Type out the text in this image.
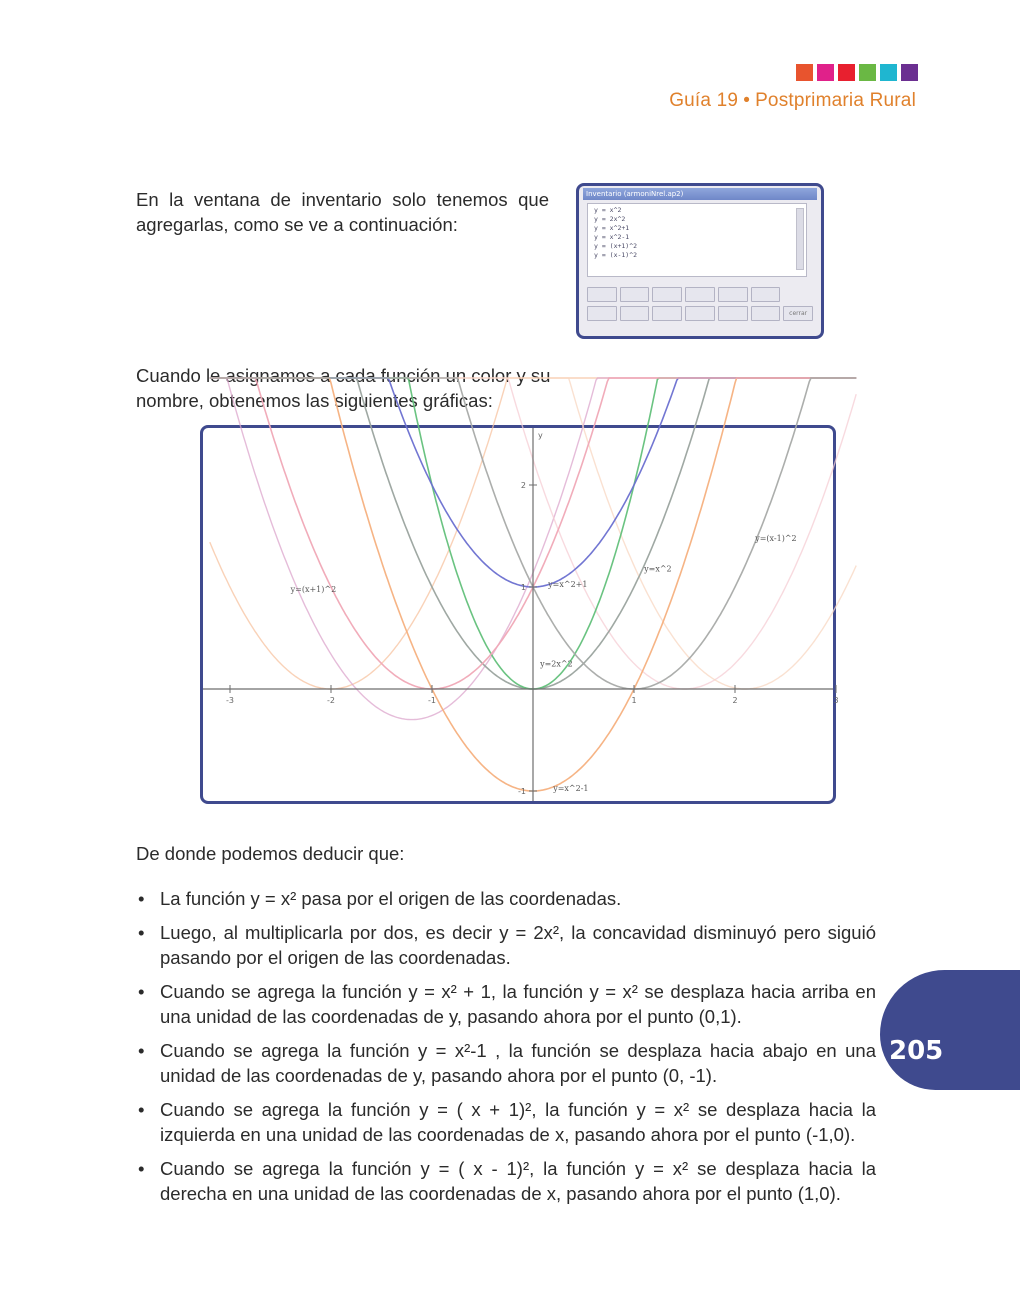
Guía 19 • Postprimaria Rural
En la ventana de inventario solo tenemos que agregarlas, como se ve a continuación:
Inventario (armoniNrel.ap2)
y = x^2
y = 2x^2
y = x^2+1
y = x^2-1
y = (x+1)^2
y = (x-1)^2
cerrar
Cuando le asignamos a cada función un color y su nombre, obtenemos las siguientes gráficas:
-3	-2	-1	1	2	3
2
1
-1
y
y=(x+1)^2
y=x^2+1
y=x^2
y=(x-1)^2
y=2x^2
y=x^2-1
De donde podemos deducir que:
• La función y = x² pasa por el origen de las coordenadas.
• Luego, al multiplicarla por dos, es decir y = 2x², la concavidad disminuyó pero siguió pasando por el origen de las coordenadas.
• Cuando se agrega la función y = x² + 1, la función y = x² se desplaza hacia arriba en una unidad de las coordenadas de y, pasando ahora por el punto (0,1).
• Cuando se agrega la función y = x²-1 , la función se desplaza hacia abajo en una unidad de las coordenadas de y, pasando ahora por el punto (0, -1).
• Cuando se agrega la función y = ( x + 1)², la función y = x² se desplaza hacia la izquierda en una unidad de las coordenadas de x, pasando ahora por el punto (-1,0).
• Cuando se agrega la función y = ( x - 1)², la función y = x² se desplaza hacia la derecha en una unidad de las coordenadas de x, pasando ahora por el punto (1,0).
205
